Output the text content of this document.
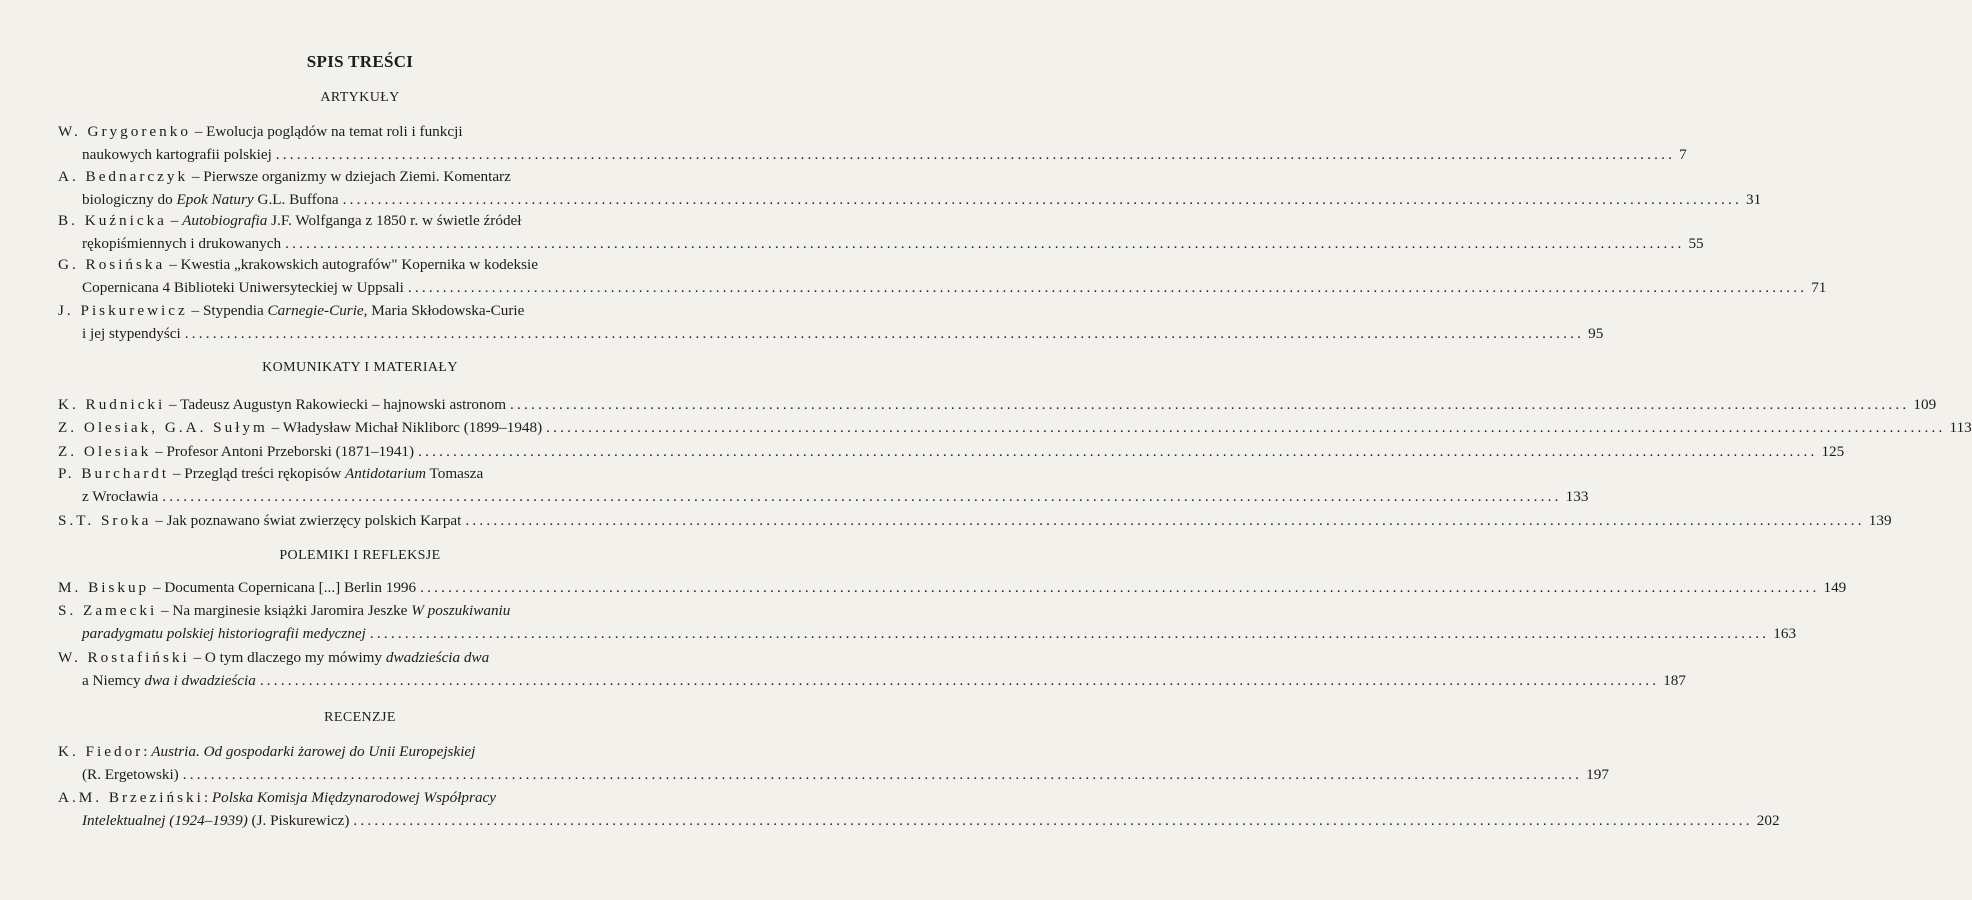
SPIS TREŚCI
ARTYKUŁY
W. Grygorenko – Ewolucja poglądów na temat roli i funkcji
naukowych kartografii polskiej ........................................................................................................................................................................................................ 7
A. Bednarczyk – Pierwsze organizmy w dziejach Ziemi. Komentarz
biologiczny do Epok Natury G.L. Buffona ........................................................................................................................................................................................................ 31
B. Kuźnicka – Autobiografia J.F. Wolfganga z 1850 r. w świetle źródeł
rękopiśmiennych i drukowanych ........................................................................................................................................................................................................ 55
G. Rosińska – Kwestia „krakowskich autografów" Kopernika w kodeksie
Copernicana 4 Biblioteki Uniwersyteckiej w Uppsali ........................................................................................................................................................................................................ 71
J. Piskurewicz – Stypendia Carnegie-Curie, Maria Skłodowska-Curie
i jej stypendyści ........................................................................................................................................................................................................ 95
KOMUNIKATY I MATERIAŁY
K. Rudnicki – Tadeusz Augustyn Rakowiecki – hajnowski astronom ........................................................................................................................................................................................................ 109
Z. Olesiak, G.A. Sułym – Władysław Michał Nikliborc (1899–1948) ........................................................................................................................................................................................................ 113
Z. Olesiak – Profesor Antoni Przeborski (1871–1941) ........................................................................................................................................................................................................ 125
P. Burchardt – Przegląd treści rękopisów Antidotarium Tomasza
z Wrocławia ........................................................................................................................................................................................................ 133
S.T. Sroka – Jak poznawano świat zwierzęcy polskich Karpat ........................................................................................................................................................................................................ 139
POLEMIKI I REFLEKSJE
M. Biskup – Documenta Copernicana [...] Berlin 1996 ........................................................................................................................................................................................................ 149
S. Zamecki – Na marginesie książki Jaromira Jeszke W poszukiwaniu
paradygmatu polskiej historiografii medycznej ........................................................................................................................................................................................................ 163
W. Rostafiński – O tym dlaczego my mówimy dwadzieścia dwa
a Niemcy dwa i dwadzieścia ........................................................................................................................................................................................................ 187
RECENZJE
K. Fiedor: Austria. Od gospodarki żarowej do Unii Europejskiej
(R. Ergetowski) ........................................................................................................................................................................................................ 197
A.M. Brzeziński: Polska Komisja Międzynarodowej Współpracy
Intelektualnej (1924–1939) (J. Piskurewicz) ........................................................................................................................................................................................................ 202
